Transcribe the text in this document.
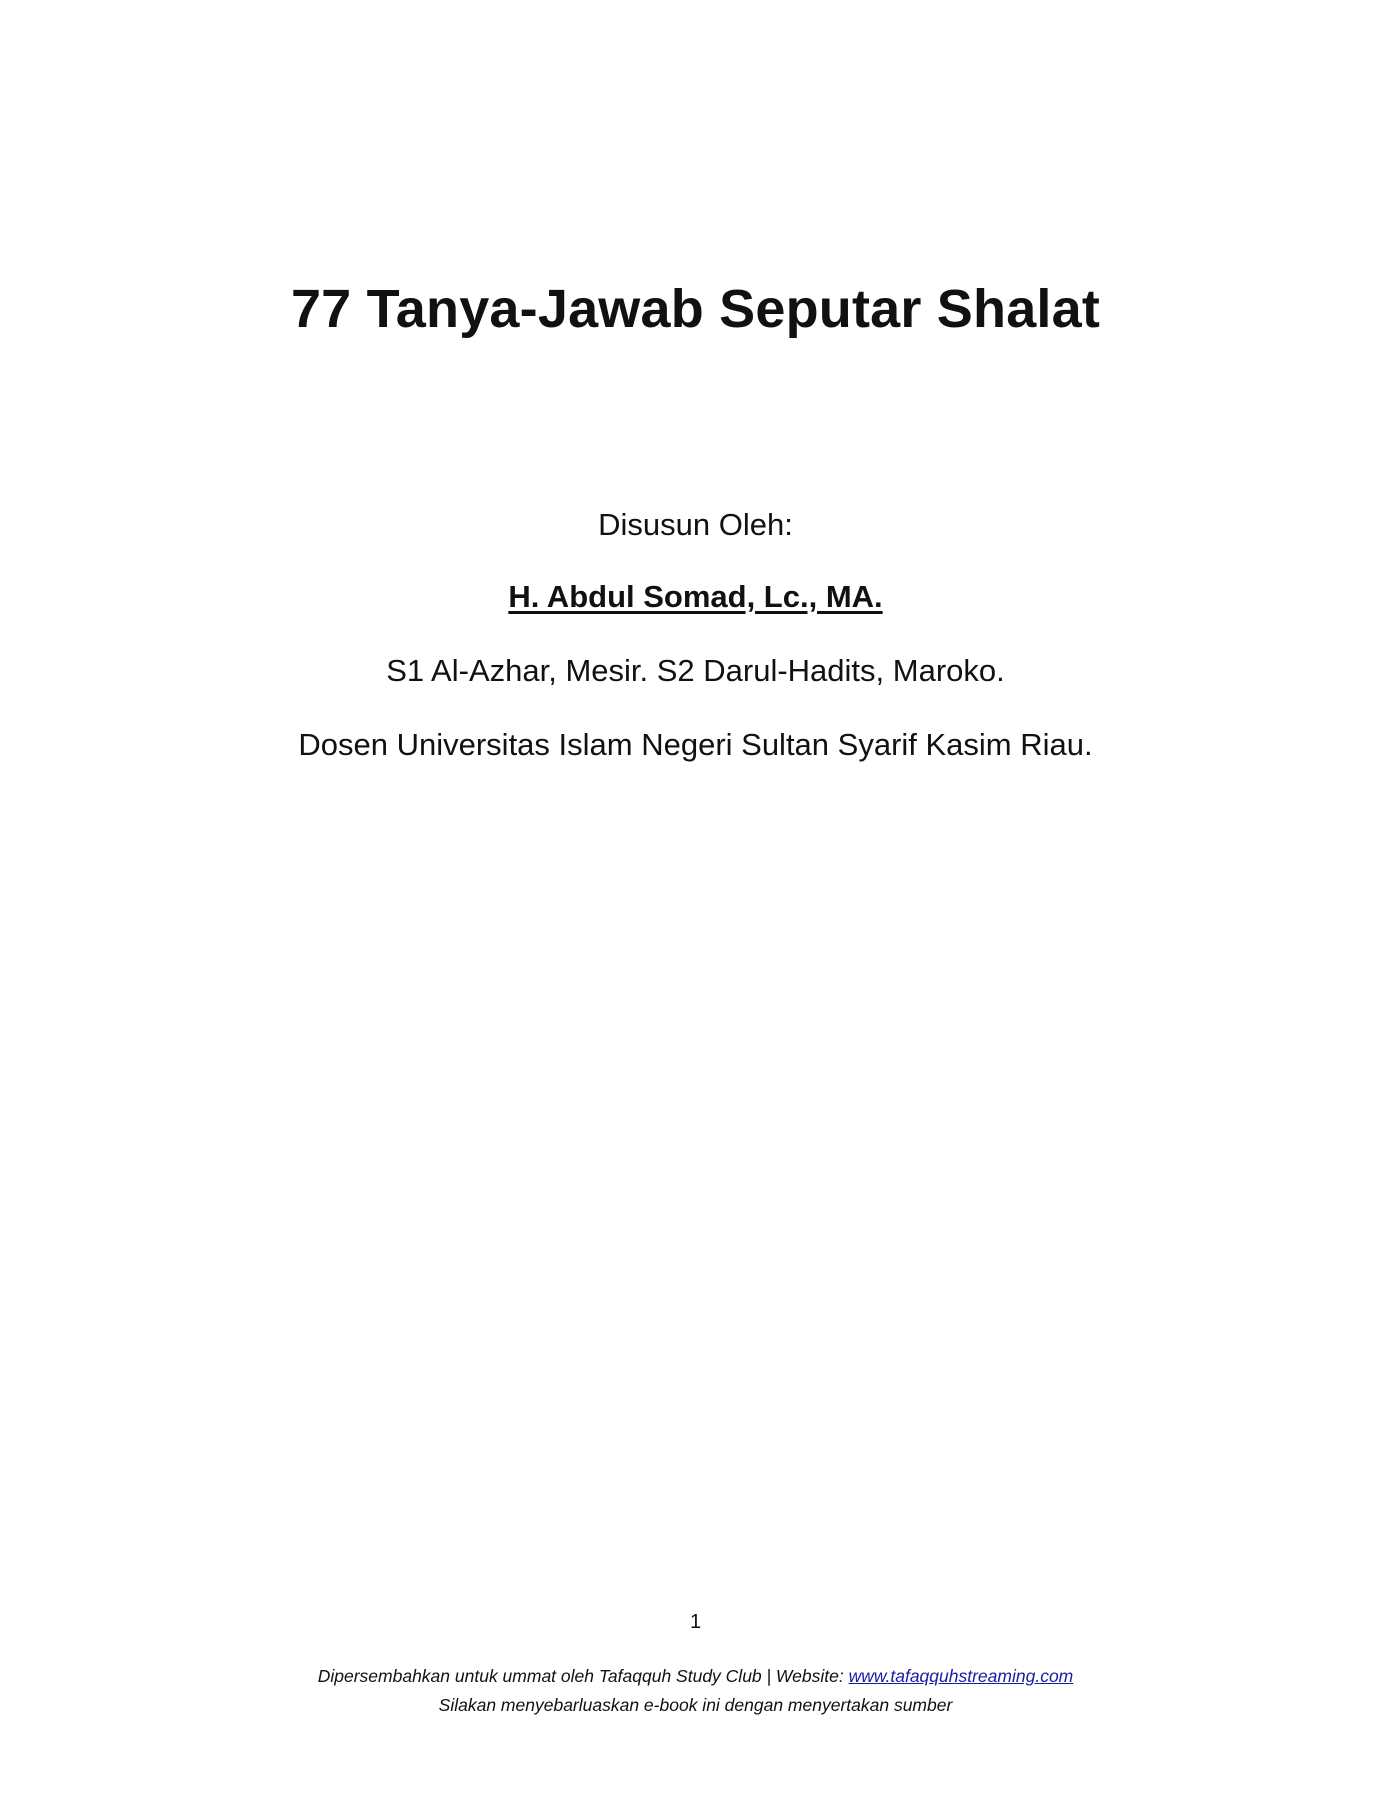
77 Tanya-Jawab Seputar Shalat
Disusun Oleh:
H. Abdul Somad, Lc., MA.
S1 Al-Azhar, Mesir. S2 Darul-Hadits, Maroko.
Dosen Universitas Islam Negeri Sultan Syarif Kasim Riau.
1
Dipersembahkan untuk ummat oleh Tafaqquh Study Club | Website: www.tafaqquhstreaming.com
Silakan menyebarluaskan e-book ini dengan menyertakan sumber
